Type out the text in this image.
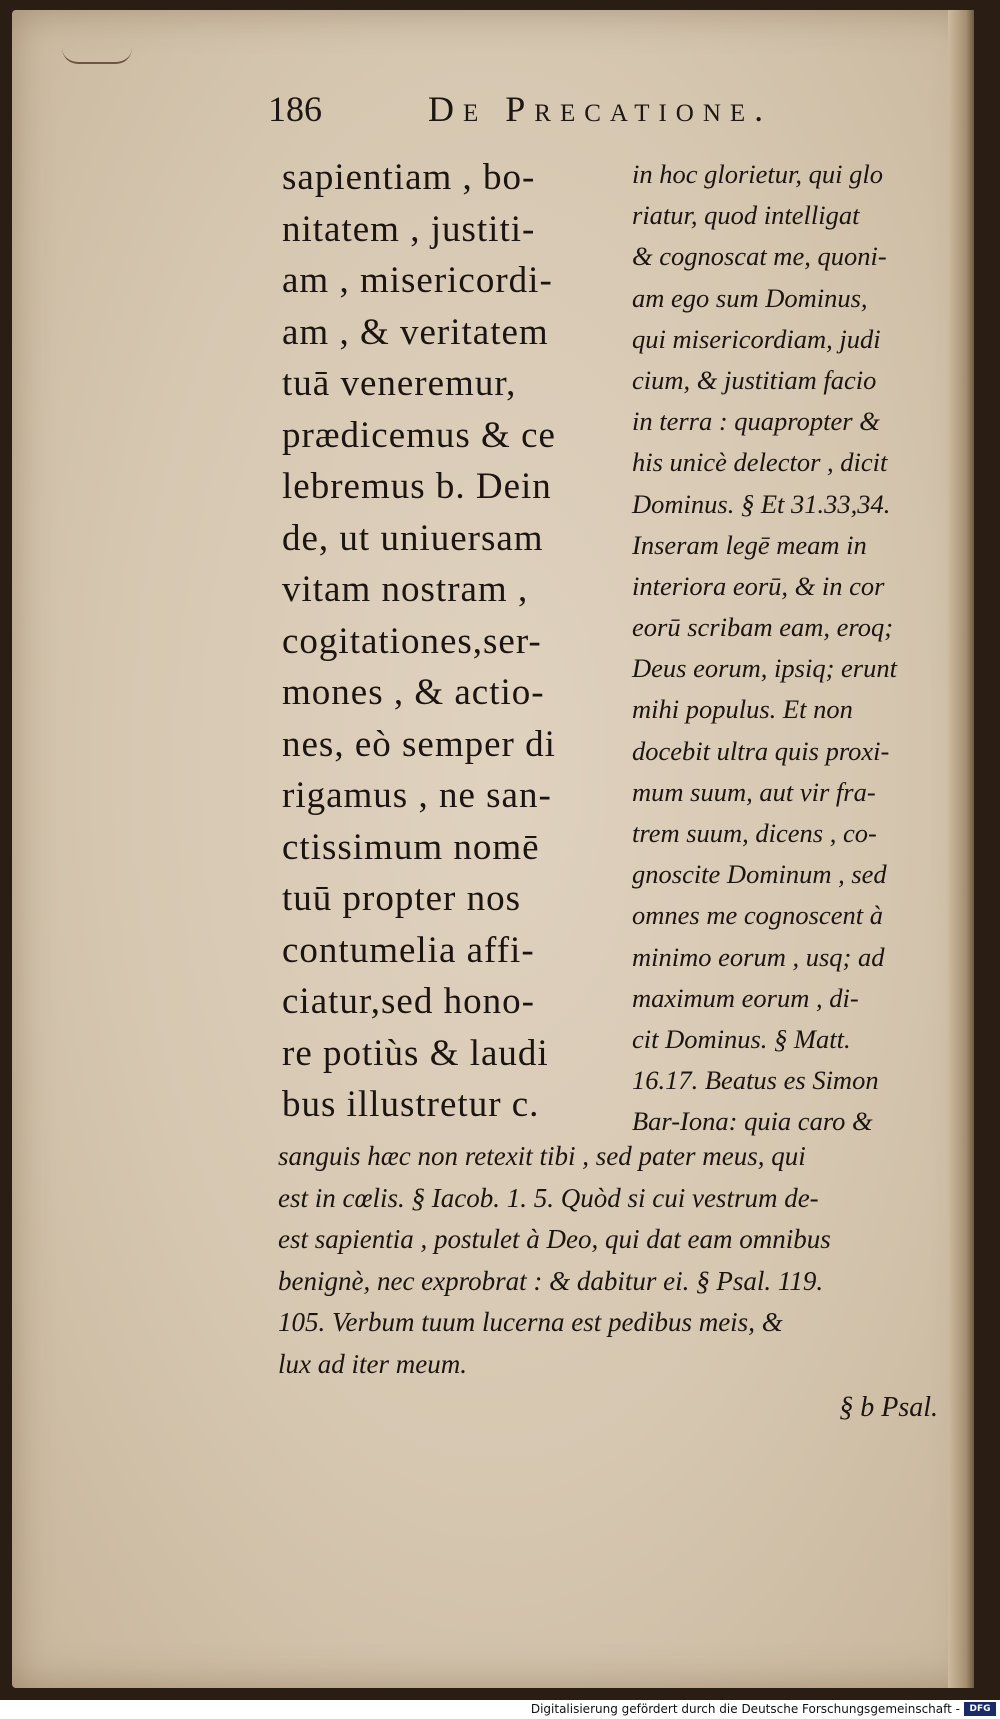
186	De Precatione.
sapientiam , bo-
nitatem , justiti-
am , misericordi-
am , & veritatem
tuā veneremur,
prædicemus & ce
lebremus b. Dein
de, ut uniuersam
vitam nostram ,
cogitationes,ser-
mones , & actio-
nes, eò semper di
rigamus , ne san-
ctissimum nomē
tuū propter nos
contumelia affi-
ciatur,sed hono-
re potiùs & laudi
bus illustretur c.
in hoc glorietur, qui glo
riatur, quod intelligat
& cognoscat me, quoni-
am ego sum Dominus,
qui misericordiam, judi
cium, & justitiam facio
in terra : quapropter &
his unicè delector , dicit
Dominus. § Et 31.33,34.
Inseram legē meam in
interiora eorū, & in cor
eorū scribam eam, eroq;
Deus eorum, ipsiq; erunt
mihi populus. Et non
docebit ultra quis proxi-
mum suum, aut vir fra-
trem suum, dicens , co-
gnoscite Dominum , sed
omnes me cognoscent à
minimo eorum , usq; ad
maximum eorum , di-
cit Dominus. § Matt.
16.17. Beatus es Simon
Bar-Iona: quia caro &
sanguis hæc non retexit tibi , sed pater meus, qui
est in cœlis. § Iacob. 1. 5. Quòd si cui vestrum de-
est sapientia , postulet à Deo, qui dat eam omnibus
benignè, nec exprobrat : & dabitur ei. § Psal. 119.
105. Verbum tuum lucerna est pedibus meis, &
lux ad iter meum.
§ b Psal.
Digitalisierung gefördert durch die Deutsche Forschungsgemeinschaft -	DFG
